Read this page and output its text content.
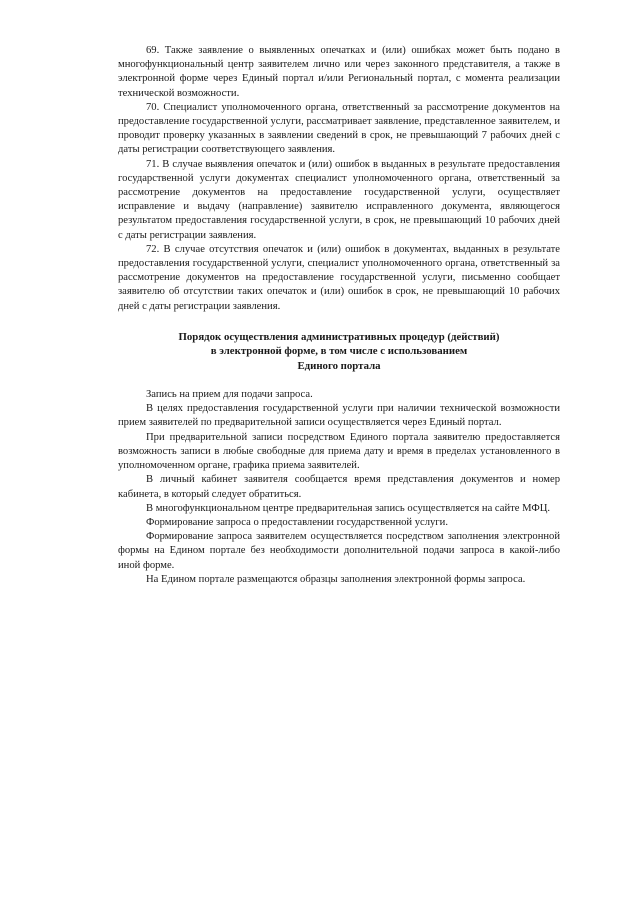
69. Также заявление о выявленных опечатках и (или) ошибках может быть подано в многофункциональный центр заявителем лично или через законного представителя, а также в электронной форме через Единый портал и/или Региональный портал, с момента реализации технической возможности.

70. Специалист уполномоченного органа, ответственный за рассмотрение документов на предоставление государственной услуги, рассматривает заявление, представленное заявителем, и проводит проверку указанных в заявлении сведений в срок, не превышающий 7 рабочих дней с даты регистрации соответствующего заявления.

71. В случае выявления опечаток и (или) ошибок в выданных в результате предоставления государственной услуги документах специалист уполномоченного органа, ответственный за рассмотрение документов на предоставление государственной услуги, осуществляет исправление и выдачу (направление) заявителю исправленного документа, являющегося результатом предоставления государственной услуги, в срок, не превышающий 10 рабочих дней с даты регистрации заявления.

72. В случае отсутствия опечаток и (или) ошибок в документах, выданных в результате предоставления государственной услуги, специалист уполномоченного органа, ответственный за рассмотрение документов на предоставление государственной услуги, письменно сообщает заявителю об отсутствии таких опечаток и (или) ошибок в срок, не превышающий 10 рабочих дней с даты регистрации заявления.

Порядок осуществления административных процедур (действий)
в электронной форме, в том числе с использованием
Единого портала

Запись на прием для подачи запроса.

В целях предоставления государственной услуги при наличии технической возможности прием заявителей по предварительной записи осуществляется через Единый портал.

При предварительной записи посредством Единого портала заявителю предоставляется возможность записи в любые свободные для приема дату и время в пределах установленного в уполномоченном органе, графика приема заявителей.

В личный кабинет заявителя сообщается время представления документов и номер кабинета, в который следует обратиться.

В многофункциональном центре предварительная запись осуществляется на сайте МФЦ.

Формирование запроса о предоставлении государственной услуги.

Формирование запроса заявителем осуществляется посредством заполнения электронной формы на Едином портале без необходимости дополнительной подачи запроса в какой-либо иной форме.

На Едином портале размещаются образцы заполнения электронной формы запроса.
